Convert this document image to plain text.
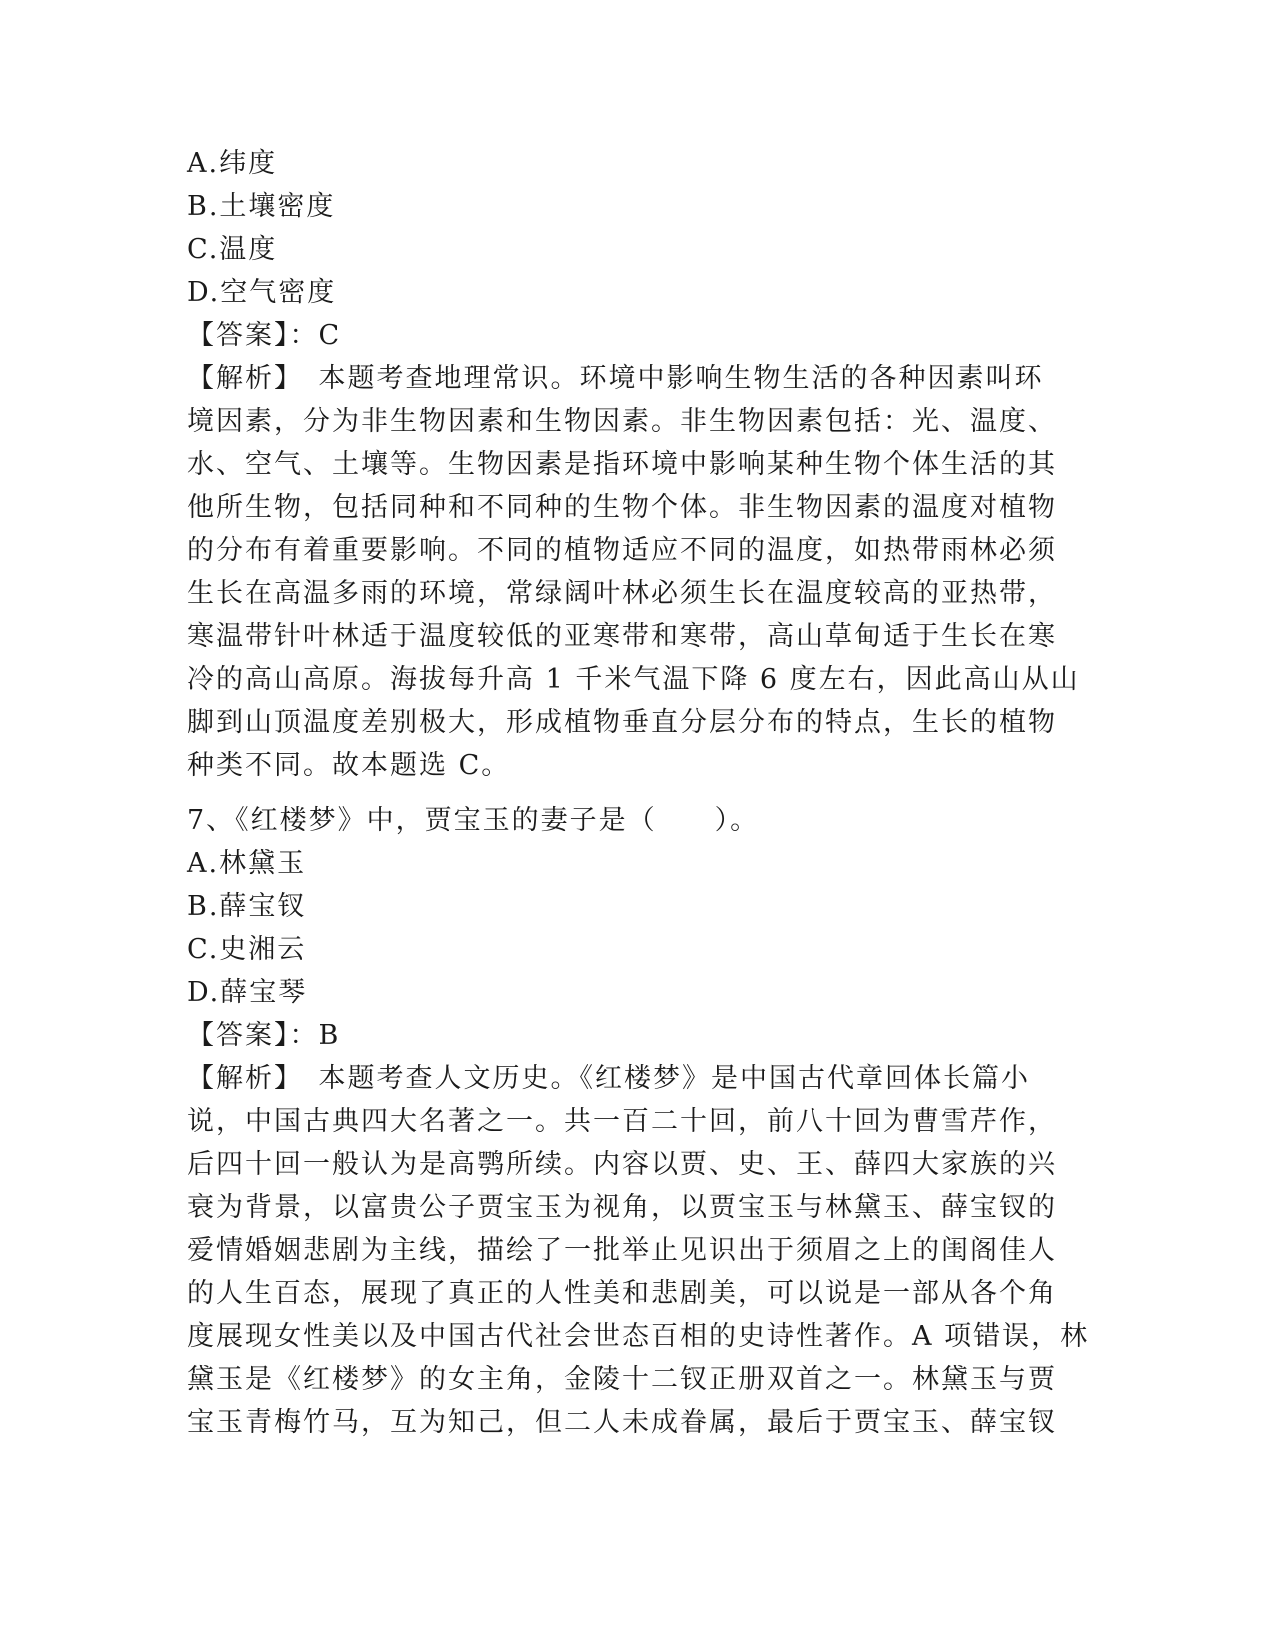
A.纬度
B.土壤密度
C.温度
D.空气密度
【答案】：C
【解析】　本题考查地理常识。环境中影响生物生活的各种因素叫环
境因素，分为非生物因素和生物因素。非生物因素包括：光、温度、
水、空气、土壤等。生物因素是指环境中影响某种生物个体生活的其
他所生物，包括同种和不同种的生物个体。非生物因素的温度对植物
的分布有着重要影响。不同的植物适应不同的温度，如热带雨林必须
生长在高温多雨的环境，常绿阔叶林必须生长在温度较高的亚热带，
寒温带针叶林适于温度较低的亚寒带和寒带，高山草甸适于生长在寒
冷的高山高原。海拔每升高 1 千米气温下降 6 度左右，因此高山从山
脚到山顶温度差别极大，形成植物垂直分层分布的特点，生长的植物
种类不同。故本题选 C。
7、《红楼梦》中，贾宝玉的妻子是（　　）。
A.林黛玉
B.薛宝钗
C.史湘云
D.薛宝琴
【答案】：B
【解析】　本题考查人文历史。《红楼梦》是中国古代章回体长篇小
说，中国古典四大名著之一。共一百二十回，前八十回为曹雪芹作，
后四十回一般认为是高鹗所续。内容以贾、史、王、薛四大家族的兴
衰为背景，以富贵公子贾宝玉为视角，以贾宝玉与林黛玉、薛宝钗的
爱情婚姻悲剧为主线，描绘了一批举止见识出于须眉之上的闺阁佳人
的人生百态，展现了真正的人性美和悲剧美，可以说是一部从各个角
度展现女性美以及中国古代社会世态百相的史诗性著作。A 项错误，林
黛玉是《红楼梦》的女主角，金陵十二钗正册双首之一。林黛玉与贾
宝玉青梅竹马，互为知己，但二人未成眷属，最后于贾宝玉、薛宝钗
